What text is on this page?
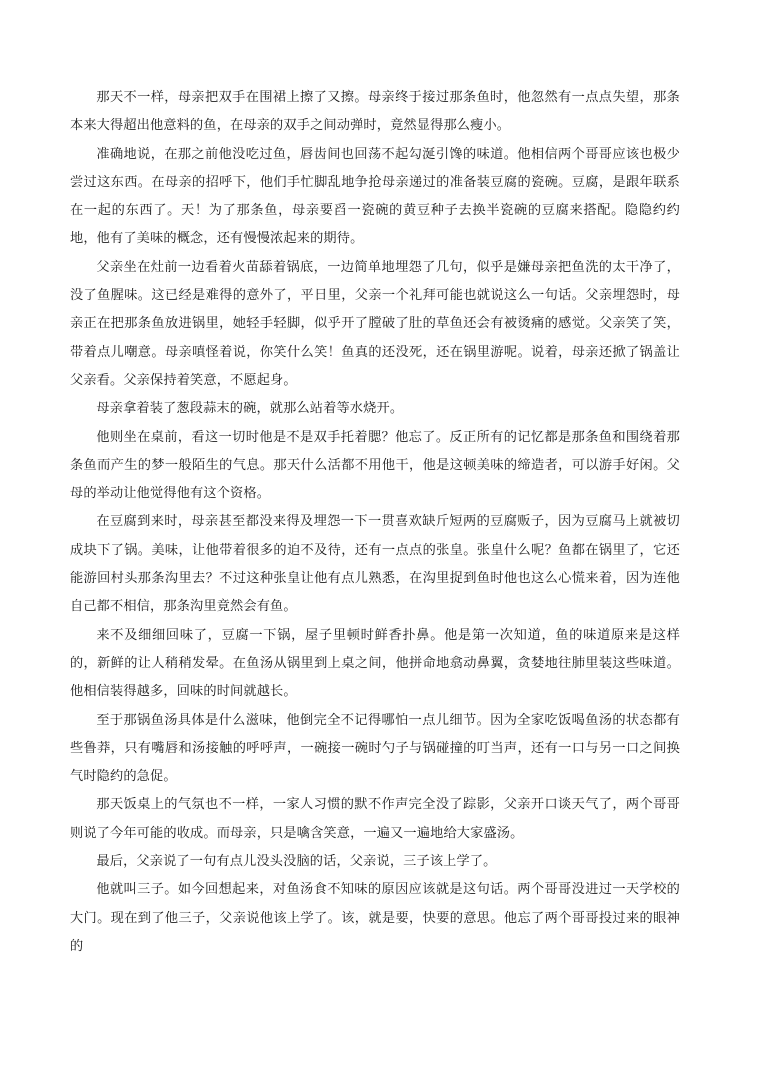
那天不一样，母亲把双手在围裙上擦了又擦。母亲终于接过那条鱼时，他忽然有一点点失望，那条本来大得超出他意料的鱼，在母亲的双手之间动弹时，竟然显得那么瘦小。

准确地说，在那之前他没吃过鱼，唇齿间也回荡不起勾涎引馋的味道。他相信两个哥哥应该也极少尝过这东西。在母亲的招呼下，他们手忙脚乱地争抢母亲递过的准备装豆腐的瓷碗。豆腐，是跟年联系在一起的东西了。天！为了那条鱼，母亲要舀一瓷碗的黄豆种子去换半瓷碗的豆腐来搭配。隐隐约约地，他有了美味的概念，还有慢慢浓起来的期待。

父亲坐在灶前一边看着火苗舔着锅底，一边简单地埋怨了几句，似乎是嫌母亲把鱼洗的太干净了，没了鱼腥味。这已经是难得的意外了，平日里，父亲一个礼拜可能也就说这么一句话。父亲埋怨时，母亲正在把那条鱼放进锅里，她轻手轻脚，似乎开了膛破了肚的草鱼还会有被烫痛的感觉。父亲笑了笑，带着点儿嘲意。母亲嗔怪着说，你笑什么笑！鱼真的还没死，还在锅里游呢。说着，母亲还掀了锅盖让父亲看。父亲保持着笑意，不愿起身。

母亲拿着装了葱段蒜末的碗，就那么站着等水烧开。

他则坐在桌前，看这一切时他是不是双手托着腮？他忘了。反正所有的记忆都是那条鱼和围绕着那条鱼而产生的梦一般陌生的气息。那天什么活都不用他干，他是这顿美味的缔造者，可以游手好闲。父母的举动让他觉得他有这个资格。

在豆腐到来时，母亲甚至都没来得及埋怨一下一贯喜欢缺斤短两的豆腐贩子，因为豆腐马上就被切成块下了锅。美味，让他带着很多的迫不及待，还有一点点的张皇。张皇什么呢？鱼都在锅里了，它还能游回村头那条沟里去？不过这种张皇让他有点儿熟悉，在沟里捉到鱼时他也这么心慌来着，因为连他自己都不相信，那条沟里竟然会有鱼。

来不及细细回味了，豆腐一下锅，屋子里顿时鲜香扑鼻。他是第一次知道，鱼的味道原来是这样的，新鲜的让人稍稍发晕。在鱼汤从锅里到上桌之间，他拼命地翕动鼻翼，贪婪地往肺里装这些味道。他相信装得越多，回味的时间就越长。

至于那锅鱼汤具体是什么滋味，他倒完全不记得哪怕一点儿细节。因为全家吃饭喝鱼汤的状态都有些鲁莽，只有嘴唇和汤接触的呼呼声，一碗接一碗时勺子与锅碰撞的叮当声，还有一口与另一口之间换气时隐约的急促。

那天饭桌上的气氛也不一样，一家人习惯的默不作声完全没了踪影，父亲开口谈天气了，两个哥哥则说了今年可能的收成。而母亲，只是噙含笑意，一遍又一遍地给大家盛汤。

最后，父亲说了一句有点儿没头没脑的话，父亲说，三子该上学了。

他就叫三子。如今回想起来，对鱼汤食不知味的原因应该就是这句话。两个哥哥没进过一天学校的大门。现在到了他三子，父亲说他该上学了。该，就是要，快要的意思。他忘了两个哥哥投过来的眼神的
